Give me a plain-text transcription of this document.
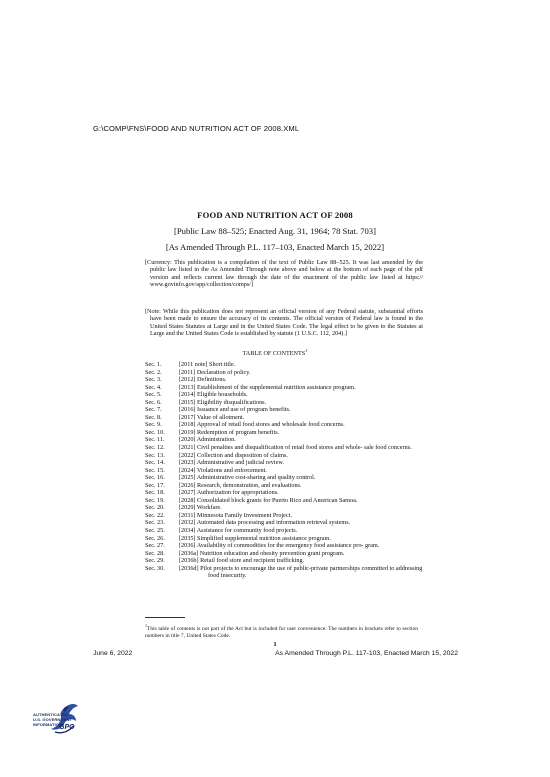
G:\COMP\FNS\FOOD AND NUTRITION ACT OF 2008.XML
FOOD AND NUTRITION ACT OF 2008
[Public Law 88–525; Enacted Aug. 31, 1964; 78 Stat. 703]
[As Amended Through P.L. 117–103, Enacted March 15, 2022]
[Currency: This publication is a compilation of the text of Public Law 88–525. It was last amended by the public law listed in the As Amended Through note above and below at the bottom of each page of the pdf version and reflects current law through the date of the enactment of the public law listed at https:// www.govinfo.gov/app/collection/comps/]
[Note: While this publication does not represent an official version of any Federal statute, substantial efforts have been made to ensure the accuracy of its contents. The official version of Federal law is found in the United States Statutes at Large and in the United States Code. The legal effect to be given to the Statutes at Large and the United States Code is established by statute (1 U.S.C. 112, 204).]
TABLE OF CONTENTS$^1$
Sec. 1.	[2011 note] Short title.
Sec. 2.	[2011] Declaration of policy.
Sec. 3.	[2012] Definitions.
Sec. 4.	[2013] Establishment of the supplemental nutrition assistance program.
Sec. 5.	[2014] Eligible households.
Sec. 6.	[2015] Eligibility disqualifications.
Sec. 7.	[2016] Issuance and use of program benefits.
Sec. 8.	[2017] Value of allotment.
Sec. 9.	[2018] Approval of retail food stores and wholesale food concerns.
Sec. 10.	[2019] Redemption of program benefits.
Sec. 11.	[2020] Administration.
Sec. 12.	[2021] Civil penalties and disqualification of retail food stores and whole- sale food concerns.
Sec. 13.	[2022] Collection and disposition of claims.
Sec. 14.	[2023] Administrative and judicial review.
Sec. 15.	[2024] Violations and enforcement.
Sec. 16.	[2025] Administrative cost-sharing and quality control.
Sec. 17.	[2026] Research, demonstration, and evaluations.
Sec. 18.	[2027] Authorization for appropriations.
Sec. 19.	[2028] Consolidated block grants for Puerto Rico and American Samoa.
Sec. 20.	[2029] Workfare.
Sec. 22.	[2031] Minnesota Family Investment Project.
Sec. 23.	[2032] Automated data processing and information retrieval systems.
Sec. 25.	[2034] Assistance for community food projects.
Sec. 26.	[2035] Simplified supplemental nutrition assistance program.
Sec. 27.	[2036] Availability of commodities for the emergency food assistance pro- gram.
Sec. 28.	[2036a] Nutrition education and obesity prevention grant program.
Sec. 29.	[2036b] Retail food store and recipient trafficking.
Sec. 30.	[2036d] Pilot projects to encourage the use of public-private partnerships committed to addressing food insecurity.
$^1$This table of contents is not part of the Act but is included for user convenience. The numbers in brackets refer to section numbers in title 7, United States Code.
1
June 6, 2022	As Amended Through P.L. 117-103, Enacted March 15, 2022
AUTHENTICATED
U.S. GOVERNMENT
INFORMATION
GPO
